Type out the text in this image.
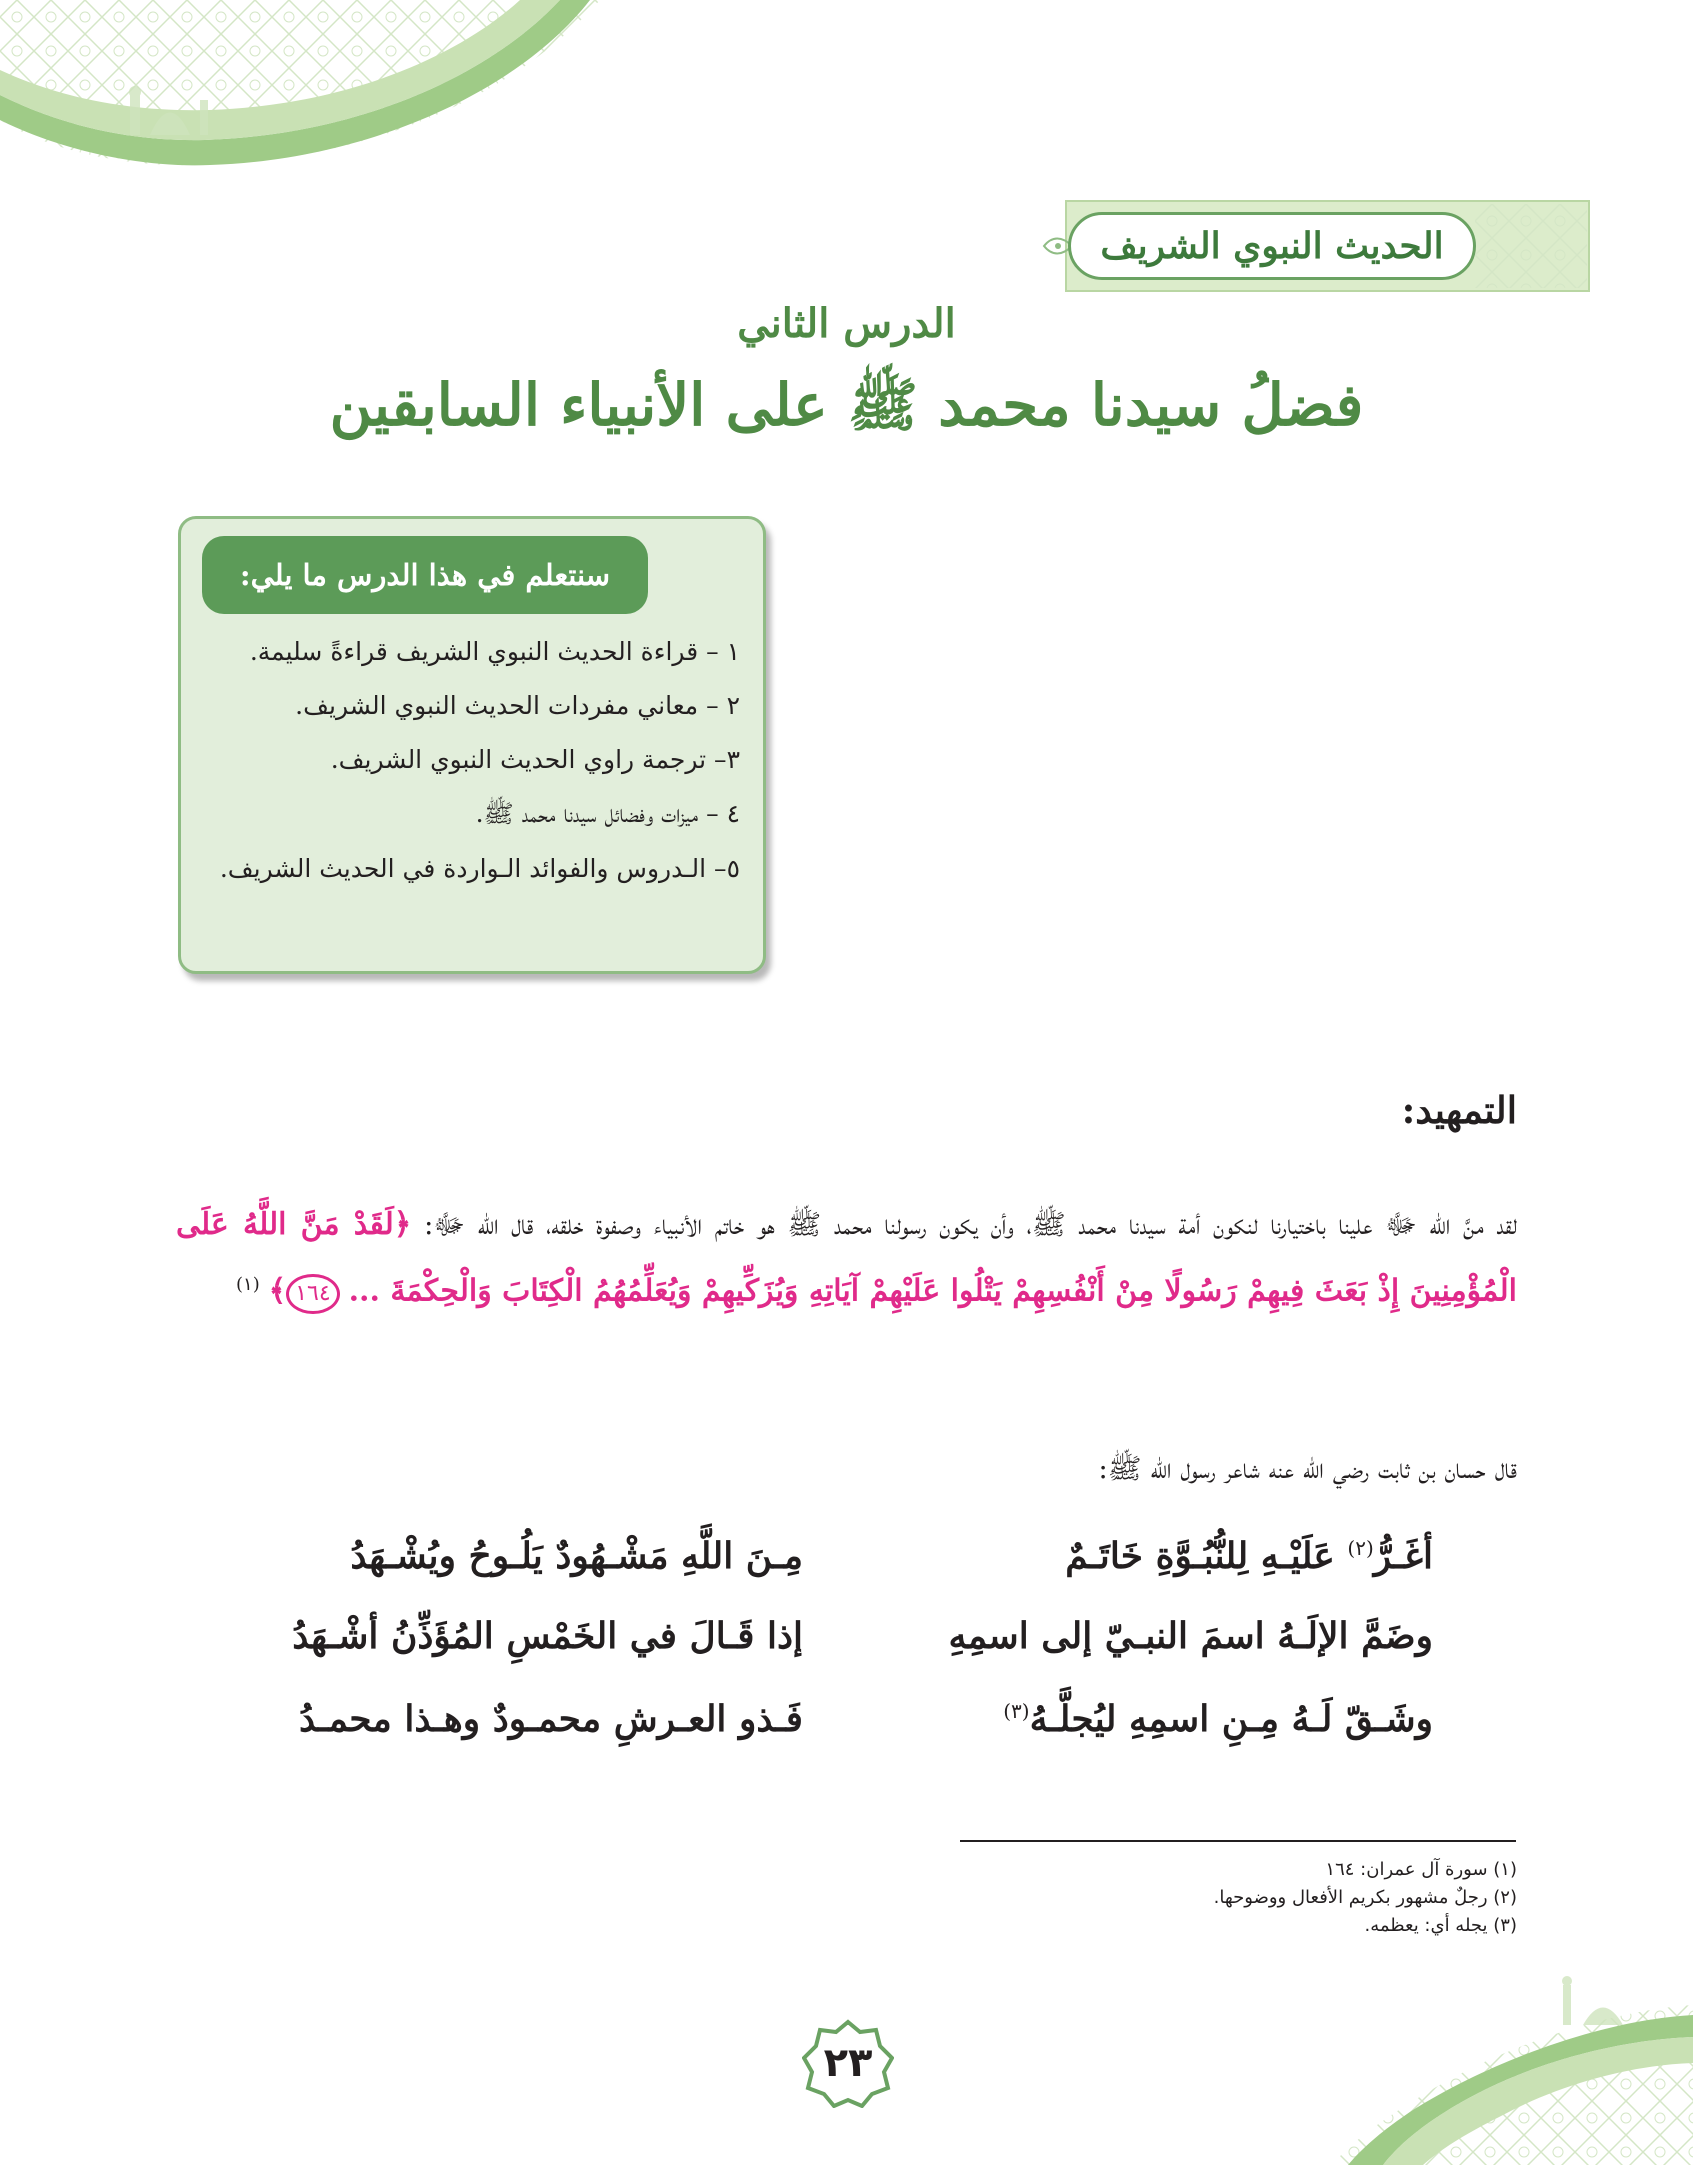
الحديث النبوي الشريف
الدرس الثاني
فضلُ سيدنا محمد ﷺ على الأنبياء السابقين
سنتعلم في هذا الدرس ما يلي:
١ – قراءة الحديث النبوي الشريف قراءةً سليمة.
٢ – معاني مفردات الحديث النبوي الشريف.
٣– ترجمة راوي الحديث النبوي الشريف.
٤ – ميزات وفضائل سيدنا محمد ﷺ.
٥– الـدروس والفوائد الـواردة في الحديث الشريف.
التمهيد:
لقد منَّ الله ﷻ علينا باختيارنا لنكون أمة سيدنا محمد ﷺ، وأن يكون رسولنا محمد ﷺ هو خاتم الأنبياء وصفوة خلقه، قال الله ﷻ: ﴿لَقَدْ مَنَّ اللَّهُ عَلَى الْمُؤْمِنِينَ إِذْ بَعَثَ فِيهِمْ رَسُولًا مِنْ أَنْفُسِهِمْ يَتْلُوا عَلَيْهِمْ آيَاتِهِ وَيُزَكِّيهِمْ وَيُعَلِّمُهُمُ الْكِتَابَ وَالْحِكْمَةَ ... ١٦٤﴾ $^{(١)}$
قال حسان بن ثابت رضي الله عنه شاعر رسول الله ﷺ:
أغَـرُّ$^{(٢)}$ عَلَيْـهِ لِلنُّبُـوَّةِ خَاتَـمٌ
مِـنَ اللَّهِ مَشْـهُودٌ يَلُـوحُ ويُشْـهَدُ
وضَمَّ الإلَـهُ اسمَ النبـيّ إلى اسمِهِ
إذا قَـالَ في الخَمْسِ المُؤَذِّنُ أشْـهَدُ
وشَـقّ لَـهُ مِـنِ اسمِهِ ليُجلَّـهُ$^{(٣)}$
فَـذو العـرشِ محمـودٌ وهـذا محمـدُ
(١) سورة آل عمران: ١٦٤
(٢) رجلٌ مشهور بكريم الأفعال ووضوحها.
(٣) يجله أي: يعظمه.
٢٣
